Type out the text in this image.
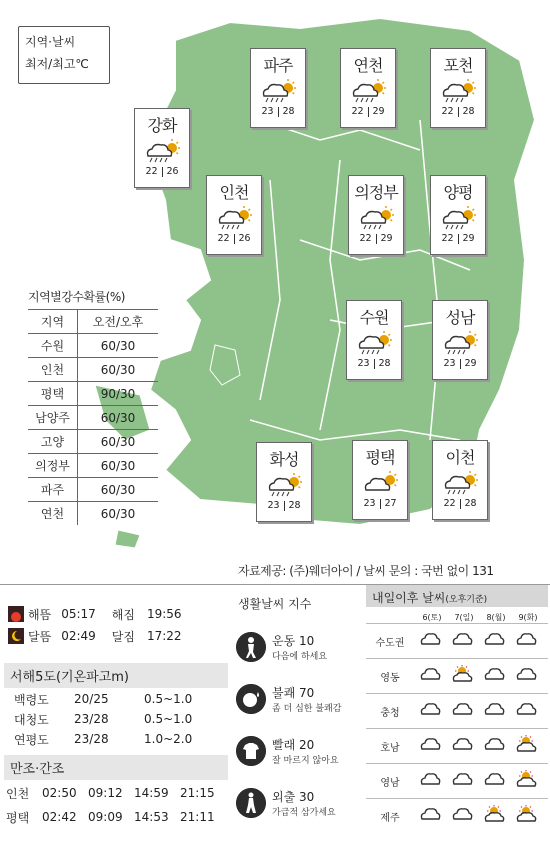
지역·날씨
최저/최고℃	파주
23 28
연천
22 29
포천
22 28
강화
22 26
인천
22 26
의정부
22 29
양평
22 29
수원
23 28
성남
23 29
화성
23 28
평택
23 27
이천
22 28
지역별강수확률(%)
지역	오전/오후
수원	60/30
인천	60/30
평택	90/30
남양주	60/30
고양	60/30
의정부	60/30
파주	60/30
연천	60/30
자료제공: (주)웨더아이 / 날씨 문의 : 국번 없이 131
해뜸 05:17 해짐 19:56
달뜸 02:49 달짐 17:22
서해5도(기온파고m)
백령도	20/25	0.5~1.0
대청도	23/28	0.5~1.0
연평도	23/28	1.0~2.0
만조·간조
인천	02:50 09:12 14:59 21:15
평택	02:42 09:09 14:53 21:11
생활날씨 지수
운동 10
다음에 하세요
불쾌 70
좀 더 심한 불쾌감
빨래 20
잘 마르지 않아요
외출 30
가급적 삼가세요
내일이후 날씨(오후기준)
6(토)	7(일)	8(월)	9(화)
수도권
영동
충청
호남
영남
제주
